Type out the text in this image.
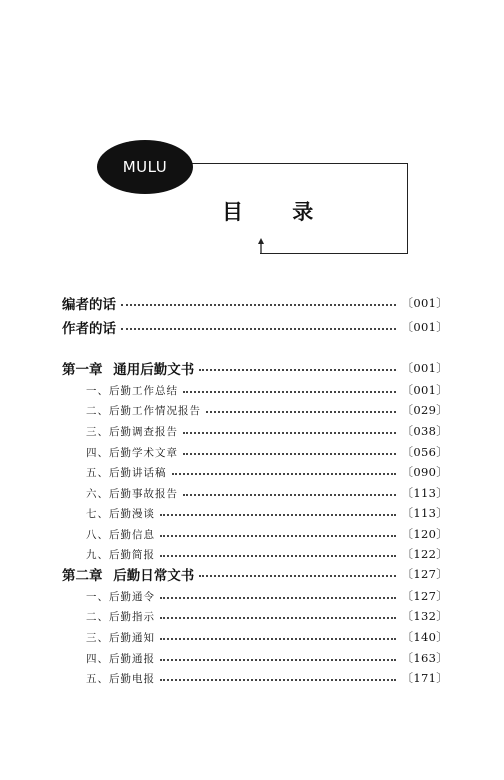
MULU
目 录
编者的话	〔001〕
作者的话	〔001〕
第一章 通用后勤文书	〔001〕
一、后勤工作总结	〔001〕
二、后勤工作情况报告	〔029〕
三、后勤调查报告	〔038〕
四、后勤学术文章	〔056〕
五、后勤讲话稿	〔090〕
六、后勤事故报告	〔113〕
七、后勤漫谈	〔113〕
八、后勤信息	〔120〕
九、后勤简报	〔122〕
第二章 后勤日常文书	〔127〕
一、后勤通令	〔127〕
二、后勤指示	〔132〕
三、后勤通知	〔140〕
四、后勤通报	〔163〕
五、后勤电报	〔171〕
